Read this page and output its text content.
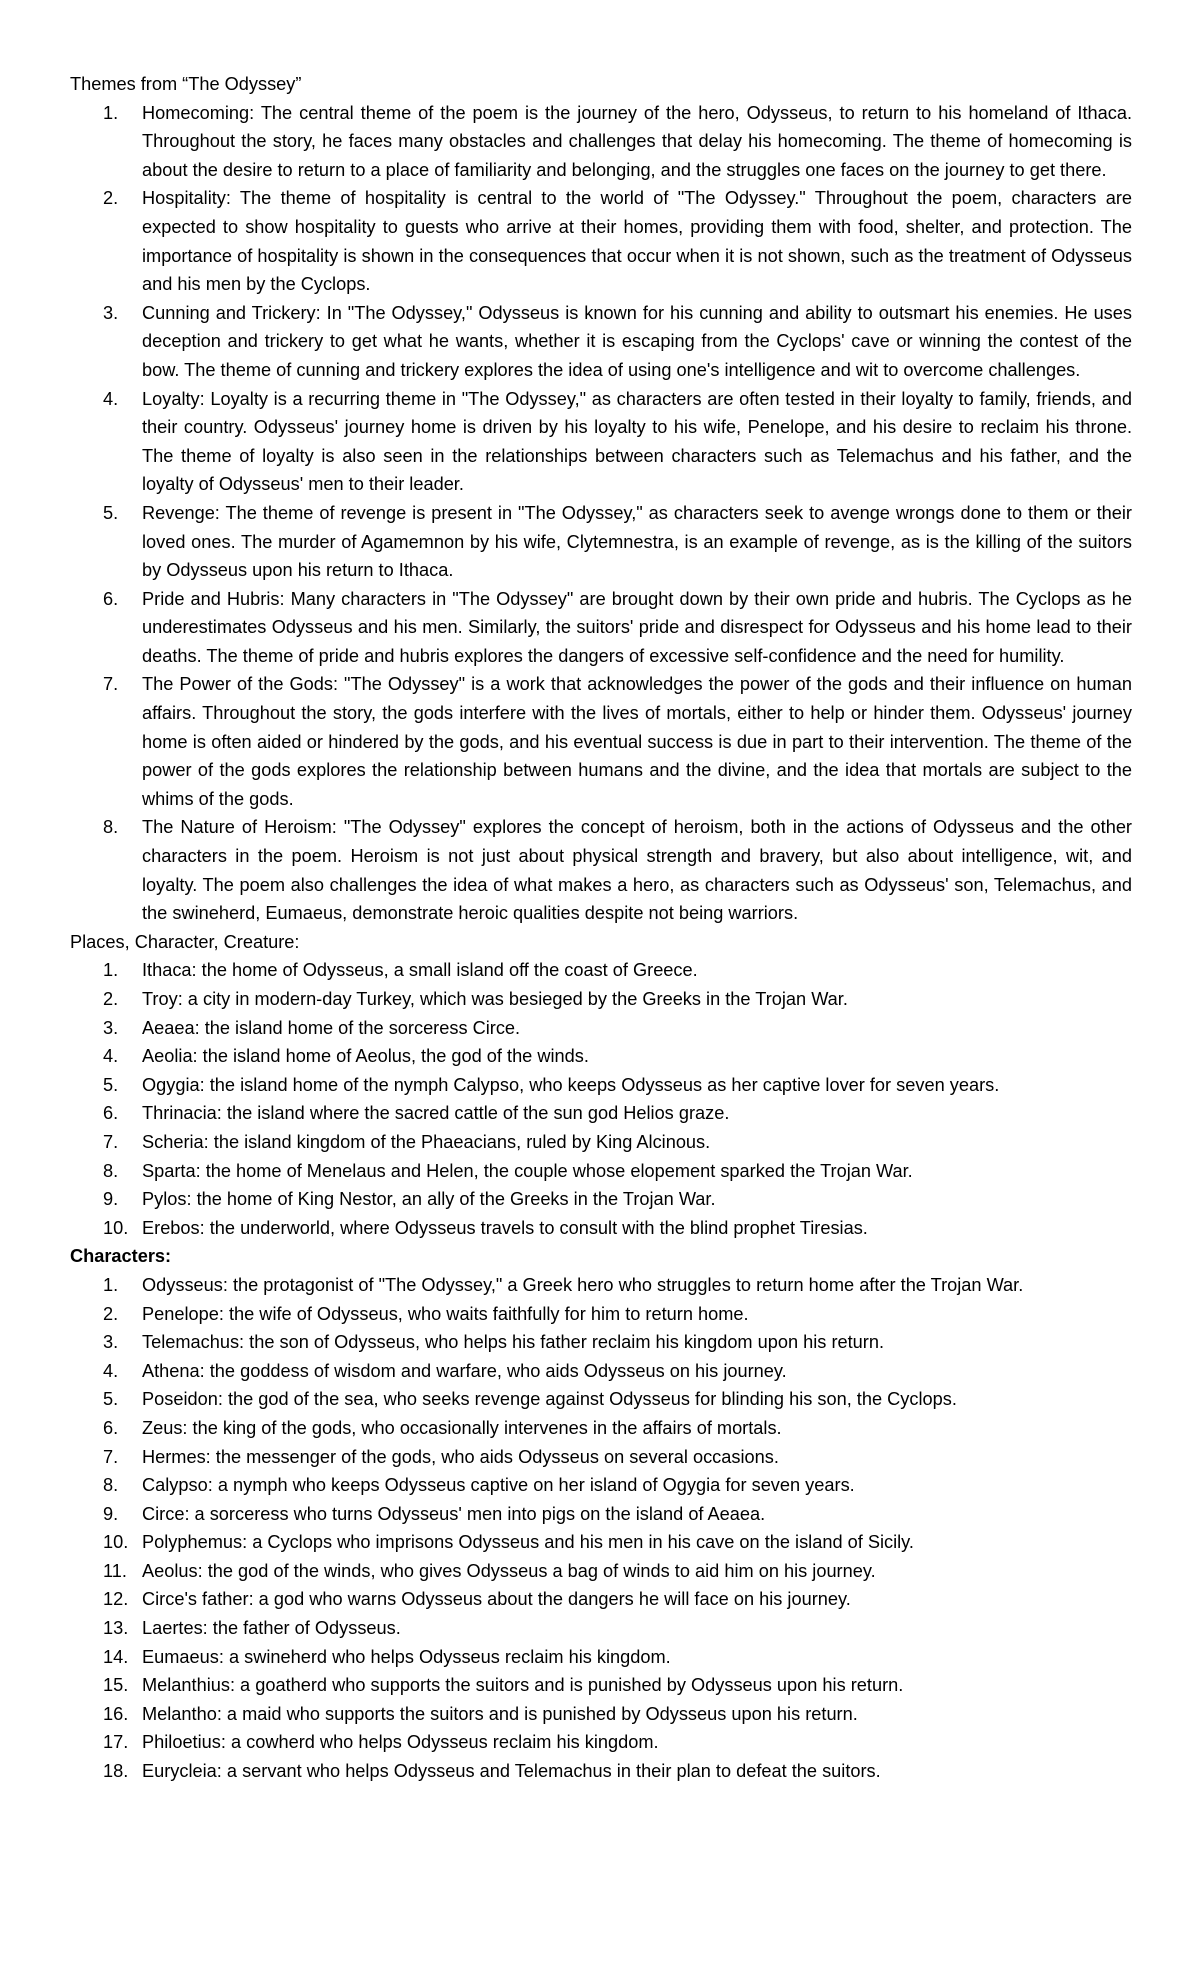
Themes from “The Odyssey”

1. Homecoming: The central theme of the poem is the journey of the hero, Odysseus, to return to his homeland of Ithaca. Throughout the story, he faces many obstacles and challenges that delay his homecoming. The theme of homecoming is about the desire to return to a place of familiarity and belonging, and the struggles one faces on the journey to get there.
2. Hospitality: The theme of hospitality is central to the world of "The Odyssey." Throughout the poem, characters are expected to show hospitality to guests who arrive at their homes, providing them with food, shelter, and protection. The importance of hospitality is shown in the consequences that occur when it is not shown, such as the treatment of Odysseus and his men by the Cyclops.
3. Cunning and Trickery: In "The Odyssey," Odysseus is known for his cunning and ability to outsmart his enemies. He uses deception and trickery to get what he wants, whether it is escaping from the Cyclops' cave or winning the contest of the bow. The theme of cunning and trickery explores the idea of using one's intelligence and wit to overcome challenges.
4. Loyalty: Loyalty is a recurring theme in "The Odyssey," as characters are often tested in their loyalty to family, friends, and their country. Odysseus' journey home is driven by his loyalty to his wife, Penelope, and his desire to reclaim his throne. The theme of loyalty is also seen in the relationships between characters such as Telemachus and his father, and the loyalty of Odysseus' men to their leader.
5. Revenge: The theme of revenge is present in "The Odyssey," as characters seek to avenge wrongs done to them or their loved ones. The murder of Agamemnon by his wife, Clytemnestra, is an example of revenge, as is the killing of the suitors by Odysseus upon his return to Ithaca.
6. Pride and Hubris: Many characters in "The Odyssey" are brought down by their own pride and hubris. The Cyclops as he underestimates Odysseus and his men. Similarly, the suitors' pride and disrespect for Odysseus and his home lead to their deaths. The theme of pride and hubris explores the dangers of excessive self-confidence and the need for humility.
7. The Power of the Gods: "The Odyssey" is a work that acknowledges the power of the gods and their influence on human affairs. Throughout the story, the gods interfere with the lives of mortals, either to help or hinder them. Odysseus' journey home is often aided or hindered by the gods, and his eventual success is due in part to their intervention. The theme of the power of the gods explores the relationship between humans and the divine, and the idea that mortals are subject to the whims of the gods.
8. The Nature of Heroism: "The Odyssey" explores the concept of heroism, both in the actions of Odysseus and the other characters in the poem. Heroism is not just about physical strength and bravery, but also about intelligence, wit, and loyalty. The poem also challenges the idea of what makes a hero, as characters such as Odysseus' son, Telemachus, and the swineherd, Eumaeus, demonstrate heroic qualities despite not being warriors.

Places, Character, Creature:

1. Ithaca: the home of Odysseus, a small island off the coast of Greece.
2. Troy: a city in modern-day Turkey, which was besieged by the Greeks in the Trojan War.
3. Aeaea: the island home of the sorceress Circe.
4. Aeolia: the island home of Aeolus, the god of the winds.
5. Ogygia: the island home of the nymph Calypso, who keeps Odysseus as her captive lover for seven years.
6. Thrinacia: the island where the sacred cattle of the sun god Helios graze.
7. Scheria: the island kingdom of the Phaeacians, ruled by King Alcinous.
8. Sparta: the home of Menelaus and Helen, the couple whose elopement sparked the Trojan War.
9. Pylos: the home of King Nestor, an ally of the Greeks in the Trojan War.
10. Erebos: the underworld, where Odysseus travels to consult with the blind prophet Tiresias.

Characters:

1. Odysseus: the protagonist of "The Odyssey," a Greek hero who struggles to return home after the Trojan War.
2. Penelope: the wife of Odysseus, who waits faithfully for him to return home.
3. Telemachus: the son of Odysseus, who helps his father reclaim his kingdom upon his return.
4. Athena: the goddess of wisdom and warfare, who aids Odysseus on his journey.
5. Poseidon: the god of the sea, who seeks revenge against Odysseus for blinding his son, the Cyclops.
6. Zeus: the king of the gods, who occasionally intervenes in the affairs of mortals.
7. Hermes: the messenger of the gods, who aids Odysseus on several occasions.
8. Calypso: a nymph who keeps Odysseus captive on her island of Ogygia for seven years.
9. Circe: a sorceress who turns Odysseus' men into pigs on the island of Aeaea.
10. Polyphemus: a Cyclops who imprisons Odysseus and his men in his cave on the island of Sicily.
11. Aeolus: the god of the winds, who gives Odysseus a bag of winds to aid him on his journey.
12. Circe's father: a god who warns Odysseus about the dangers he will face on his journey.
13. Laertes: the father of Odysseus.
14. Eumaeus: a swineherd who helps Odysseus reclaim his kingdom.
15. Melanthius: a goatherd who supports the suitors and is punished by Odysseus upon his return.
16. Melantho: a maid who supports the suitors and is punished by Odysseus upon his return.
17. Philoetius: a cowherd who helps Odysseus reclaim his kingdom.
18. Eurycleia: a servant who helps Odysseus and Telemachus in their plan to defeat the suitors.
